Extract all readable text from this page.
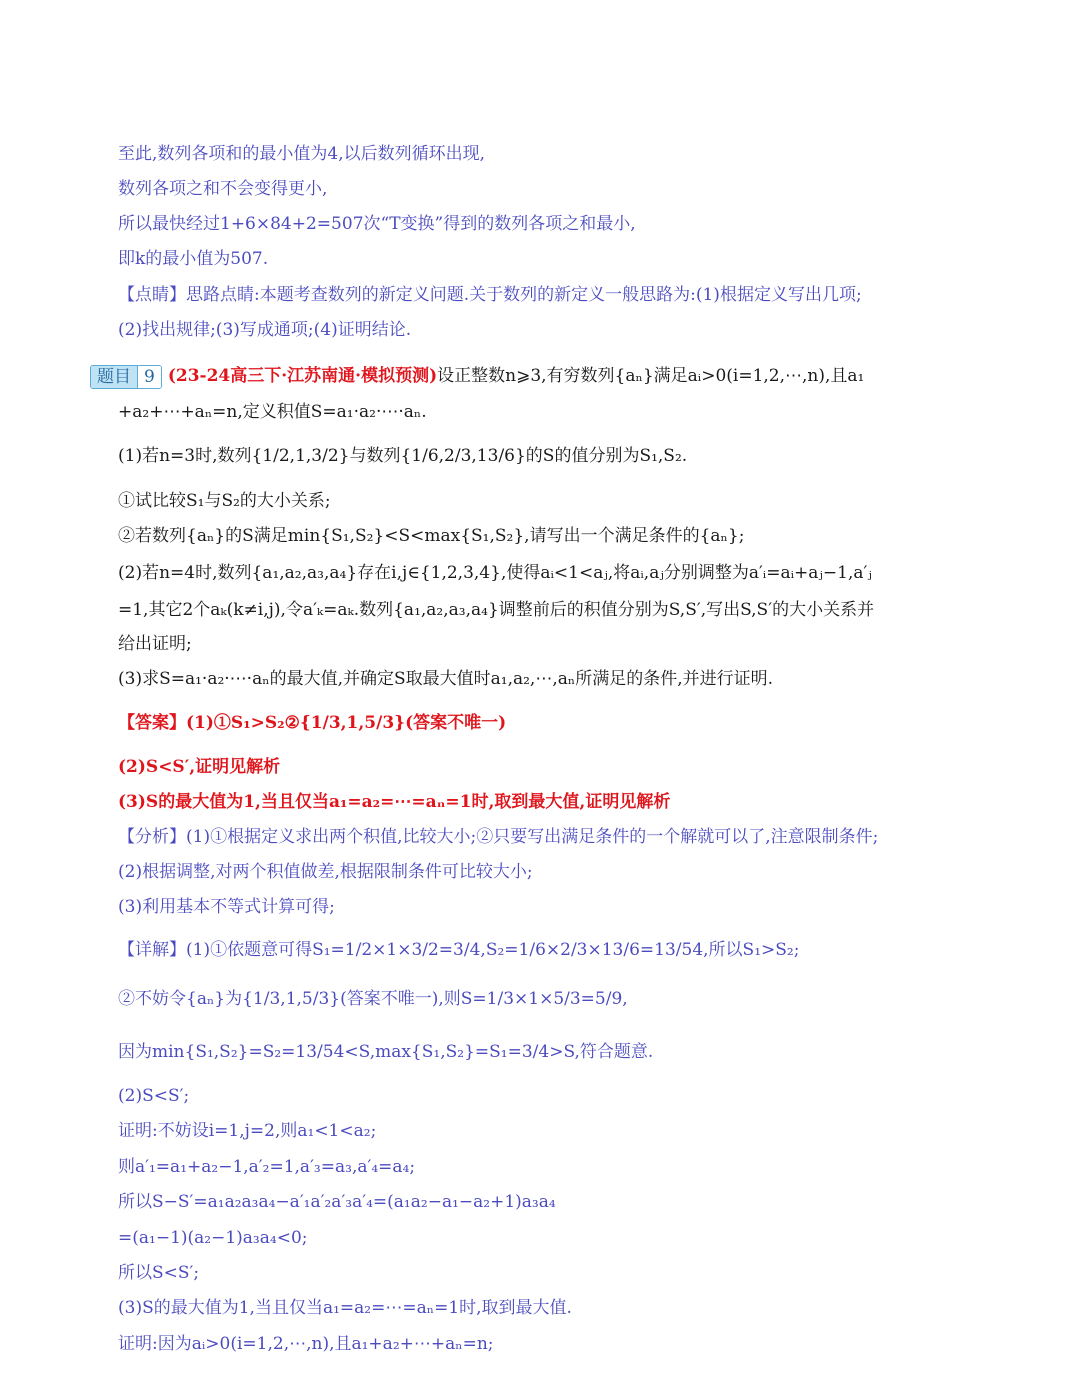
至此,数列各项和的最小值为4,以后数列循环出现,
数列各项之和不会变得更小,
所以最快经过1+6×84+2=507次“T变换”得到的数列各项之和最小,
即k的最小值为507.
【点睛】思路点睛:本题考查数列的新定义问题.关于数列的新定义一般思路为:(1)根据定义写出几项;
(2)找出规律;(3)写成通项;(4)证明结论.
题目 9 (23-24高三下·江苏南通·模拟预测)设正整数n⩾3,有穷数列{aₙ}满足aᵢ>0(i=1,2,⋯,n),且a₁
+a₂+⋯+aₙ=n,定义积值S=a₁·a₂·⋯·aₙ.
(1)若n=3时,数列{1/2,1,3/2}与数列{1/6,2/3,13/6}的S的值分别为S₁,S₂.
①试比较S₁与S₂的大小关系;
②若数列{aₙ}的S满足min{S₁,S₂}<S<max{S₁,S₂},请写出一个满足条件的{aₙ};
(2)若n=4时,数列{a₁,a₂,a₃,a₄}存在i,j∈{1,2,3,4},使得aᵢ<1<aⱼ,将aᵢ,aⱼ分别调整为a′ᵢ=aᵢ+aⱼ−1,a′ⱼ
=1,其它2个aₖ(k≠i,j),令a′ₖ=aₖ.数列{a₁,a₂,a₃,a₄}调整前后的积值分别为S,S′,写出S,S′的大小关系并
给出证明;
(3)求S=a₁·a₂·⋯·aₙ的最大值,并确定S取最大值时a₁,a₂,⋯,aₙ所满足的条件,并进行证明.
【答案】(1)①S₁>S₂②{1/3,1,5/3}(答案不唯一)
(2)S<S′,证明见解析
(3)S的最大值为1,当且仅当a₁=a₂=⋯=aₙ=1时,取到最大值,证明见解析
【分析】(1)①根据定义求出两个积值,比较大小;②只要写出满足条件的一个解就可以了,注意限制条件;
(2)根据调整,对两个积值做差,根据限制条件可比较大小;
(3)利用基本不等式计算可得;
【详解】(1)①依题意可得S₁=1/2×1×3/2=3/4,S₂=1/6×2/3×13/6=13/54,所以S₁>S₂;
②不妨令{aₙ}为{1/3,1,5/3}(答案不唯一),则S=1/3×1×5/3=5/9,
因为min{S₁,S₂}=S₂=13/54<S,max{S₁,S₂}=S₁=3/4>S,符合题意.
(2)S<S′;
证明:不妨设i=1,j=2,则a₁<1<a₂;
则a′₁=a₁+a₂−1,a′₂=1,a′₃=a₃,a′₄=a₄;
所以S−S′=a₁a₂a₃a₄−a′₁a′₂a′₃a′₄=(a₁a₂−a₁−a₂+1)a₃a₄
=(a₁−1)(a₂−1)a₃a₄<0;
所以S<S′;
(3)S的最大值为1,当且仅当a₁=a₂=⋯=aₙ=1时,取到最大值.
证明:因为aᵢ>0(i=1,2,⋯,n),且a₁+a₂+⋯+aₙ=n;
